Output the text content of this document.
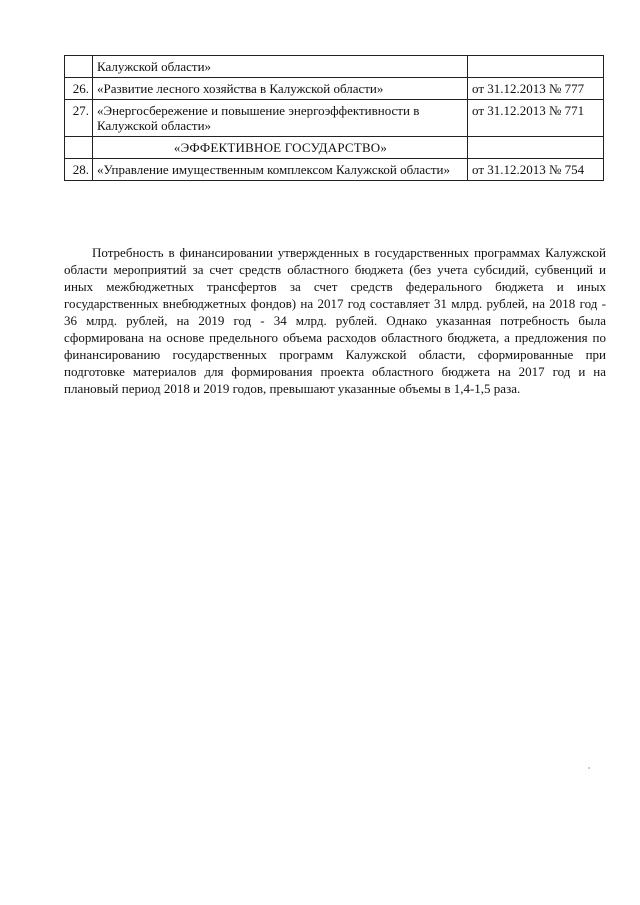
	Калужской области»	
26.	«Развитие лесного хозяйства в Калужской области»	от 31.12.2013 № 777
27.	«Энергосбережение и повышение энергоэффективности в Калужской области»	от 31.12.2013 № 771
	«ЭФФЕКТИВНОЕ ГОСУДАРСТВО»	
28.	«Управление имущественным комплексом Калужской области»	от 31.12.2013 № 754

Потребность в финансировании утвержденных в государственных программах Калужской области мероприятий за счет средств областного бюджета (без учета субсидий, субвенций и иных межбюджетных трансфертов за счет средств федерального бюджета и иных государственных внебюджетных фондов) на 2017 год составляет 31 млрд. рублей, на 2018 год - 36 млрд. рублей, на 2019 год - 34 млрд. рублей. Однако указанная потребность была сформирована на основе предельного объема расходов областного бюджета, а предложения по финансированию государственных программ Калужской области, сформированные при подготовке материалов для формирования проекта областного бюджета на 2017 год и на плановый период 2018 и 2019 годов, превышают указанные объемы в 1,4-1,5 раза.
